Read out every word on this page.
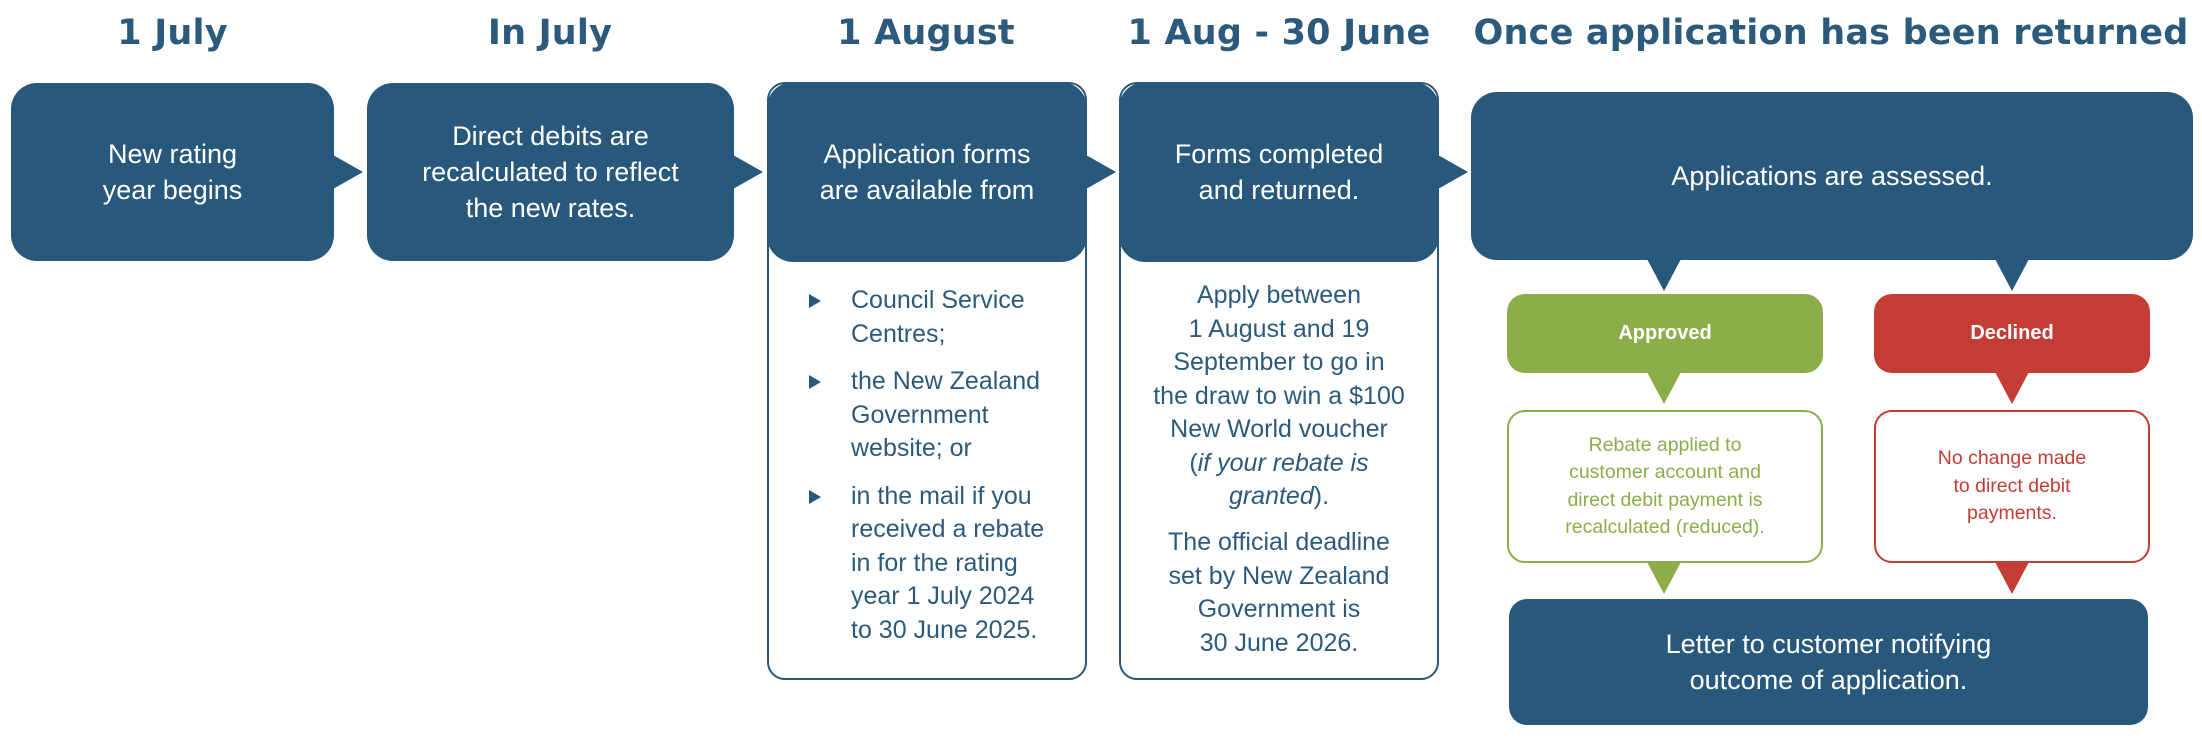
1 July	In July	1 August	1 Aug - 30 June Once application has been returned
New rating
year begins
Direct debits are
recalculated to reflect
the new rates.
Council Service
Centres;
the New Zealand
Government
website; or
in the mail if you
received a rebate
in for the rating
year 1 July 2024
to 30 June 2025.
Application forms
are available from
Apply between
1 August and 19
September to go in
the draw to win a $100
New World voucher
(if your rebate is
granted).
The official deadline
set by New Zealand
Government is
30 June 2026.
Forms completed
and returned.	Applications are assessed.
Approved	Declined
Rebate applied to
customer account and
direct debit payment is
recalculated (reduced).
No change made
to direct debit
payments.
Letter to customer notifying
outcome of application.
